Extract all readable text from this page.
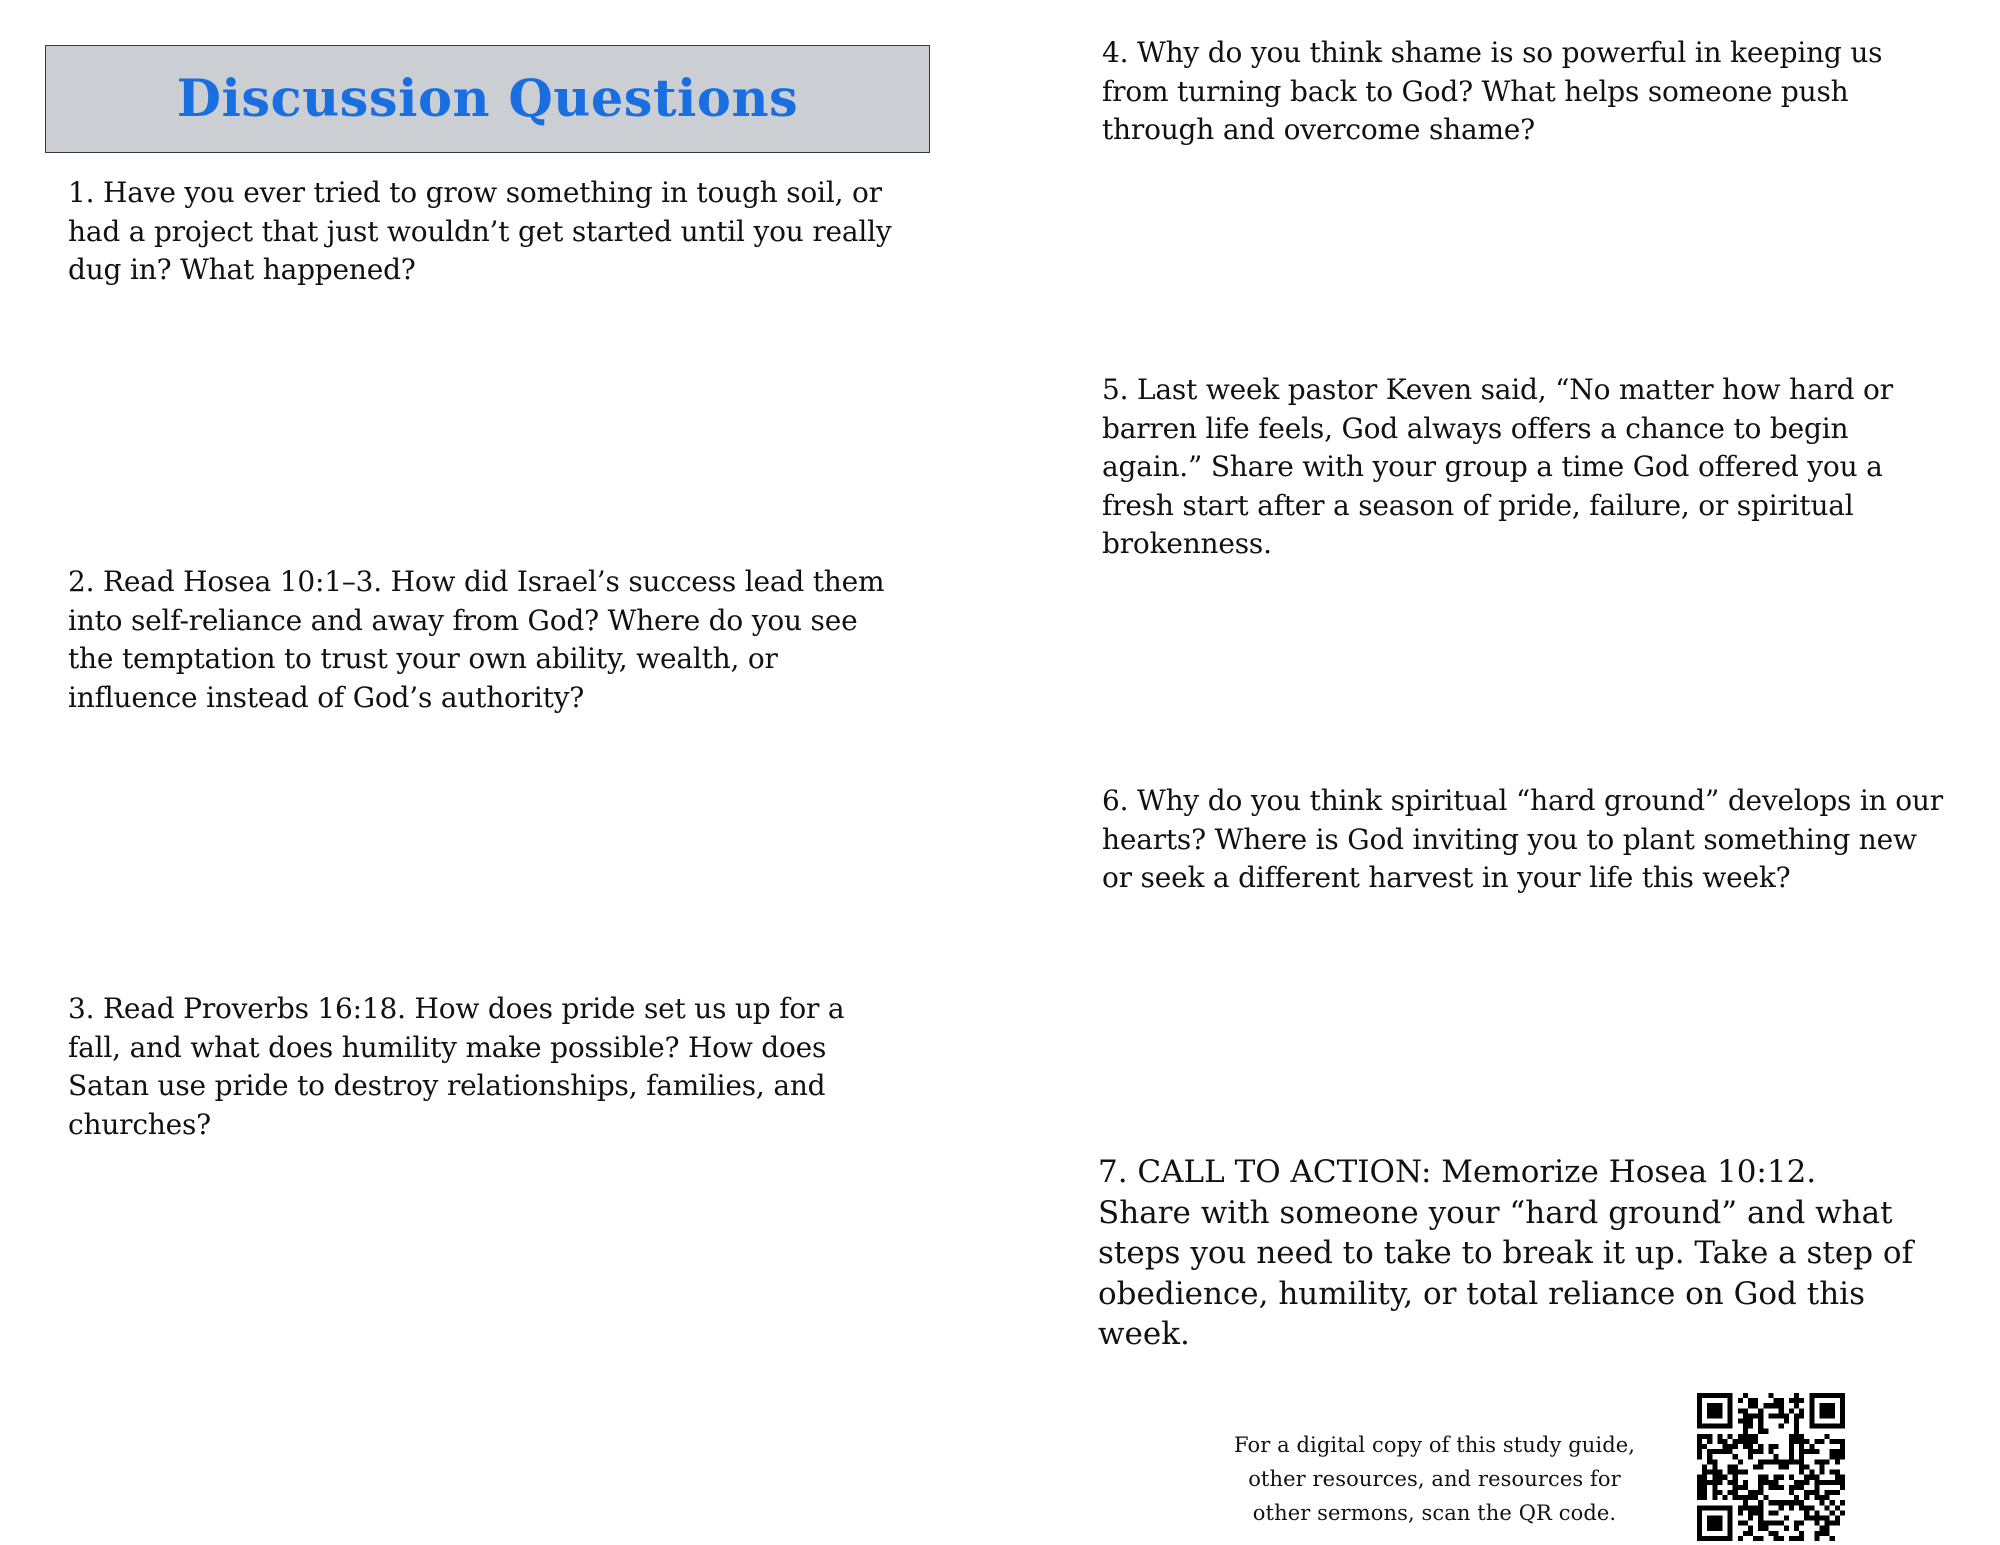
Discussion Questions

1. Have you ever tried to grow something in tough soil, or had a project that just wouldn’t get started until you really dug in? What happened?

2. Read Hosea 10:1–3. How did Israel’s success lead them into self-reliance and away from God? Where do you see the temptation to trust your own ability, wealth, or influence instead of God’s authority?

3. Read Proverbs 16:18. How does pride set us up for a fall, and what does humility make possible? How does Satan use pride to destroy relationships, families, and churches?

4. Why do you think shame is so powerful in keeping us from turning back to God? What helps someone push through and overcome shame?

5. Last week pastor Keven said, “No matter how hard or barren life feels, God always offers a chance to begin again.” Share with your group a time God offered you a fresh start after a season of pride, failure, or spiritual brokenness.

6. Why do you think spiritual “hard ground” develops in our hearts? Where is God inviting you to plant something new or seek a different harvest in your life this week?

7. CALL TO ACTION: Memorize Hosea 10:12. Share with someone your “hard ground” and what steps you need to take to break it up. Take a step of obedience, humility, or total reliance on God this week.

For a digital copy of this study guide, other resources, and resources for other sermons, scan the QR code.
